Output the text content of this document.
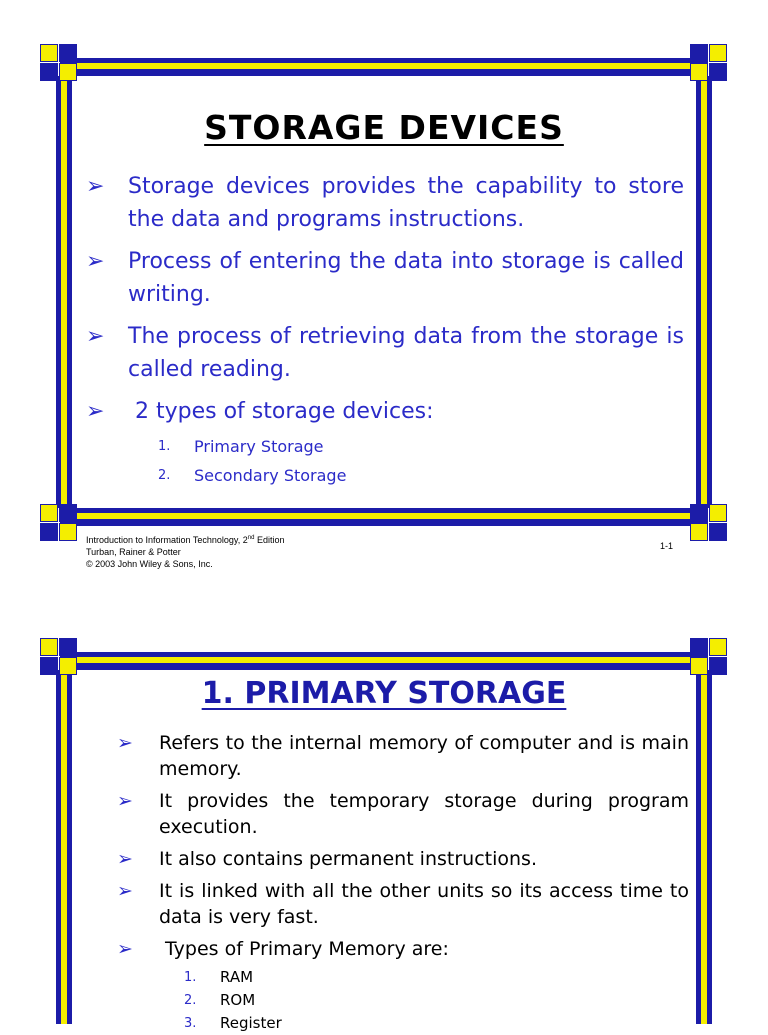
STORAGE DEVICES
➢ Storage devices provides the capability to store the data and programs instructions.
➢ Process of entering the data into storage is called writing.
➢ The process of retrieving data from the storage is called reading.
➢ 2 types of storage devices:
1. Primary Storage
2. Secondary Storage
Introduction to Information Technology, 2nd Edition
Turban, Rainer & Potter
© 2003 John Wiley & Sons, Inc.
1-1
1. PRIMARY STORAGE
➢ Refers to the internal memory of computer and is main memory.
➢ It provides the temporary storage during program execution.
➢ It also contains permanent instructions.
➢ It is linked with all the other units so its access time to data is very fast.
➢ Types of Primary Memory are:
1. RAM
2. ROM
3. Register
